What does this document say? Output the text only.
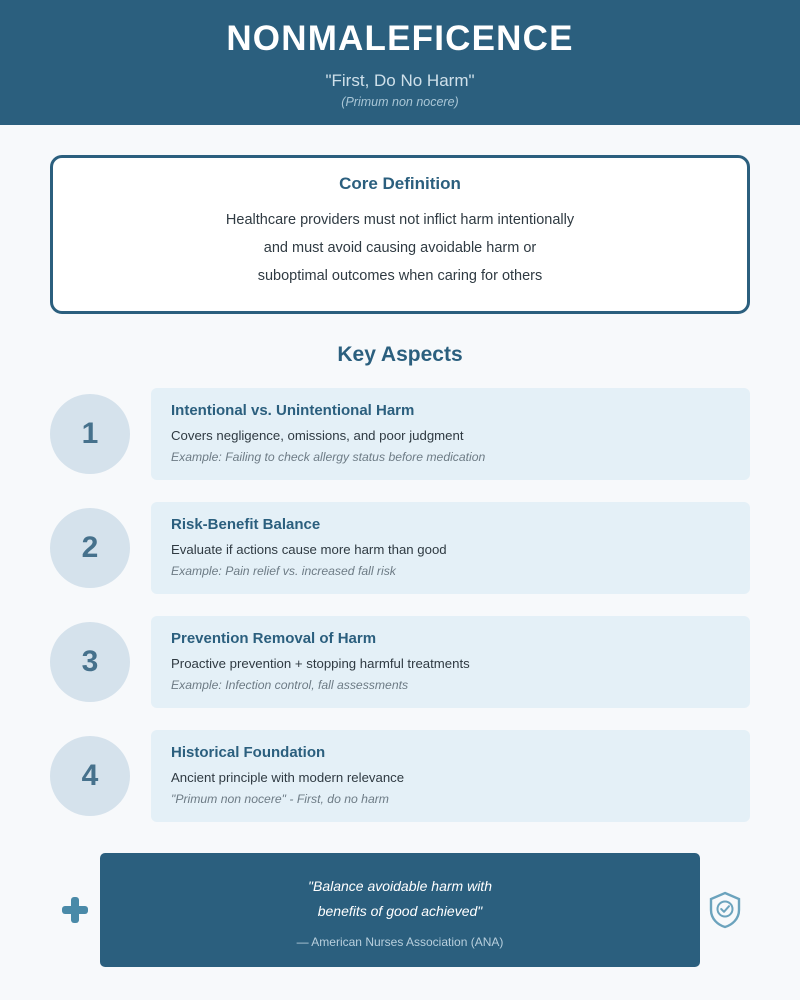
NONMALEFICENCE
"First, Do No Harm"
(Primum non nocere)
Core Definition
Healthcare providers must not inflict harm intentionally
and must avoid causing avoidable harm or
suboptimal outcomes when caring for others
Key Aspects
1
Intentional vs. Unintentional Harm
Covers negligence, omissions, and poor judgment
Example: Failing to check allergy status before medication
2
Risk-Benefit Balance
Evaluate if actions cause more harm than good
Example: Pain relief vs. increased fall risk
3
Prevention Removal of Harm
Proactive prevention + stopping harmful treatments
Example: Infection control, fall assessments
4
Historical Foundation
Ancient principle with modern relevance
"Primum non nocere" - First, do no harm
"Balance avoidable harm with
benefits of good achieved"
— American Nurses Association (ANA)
